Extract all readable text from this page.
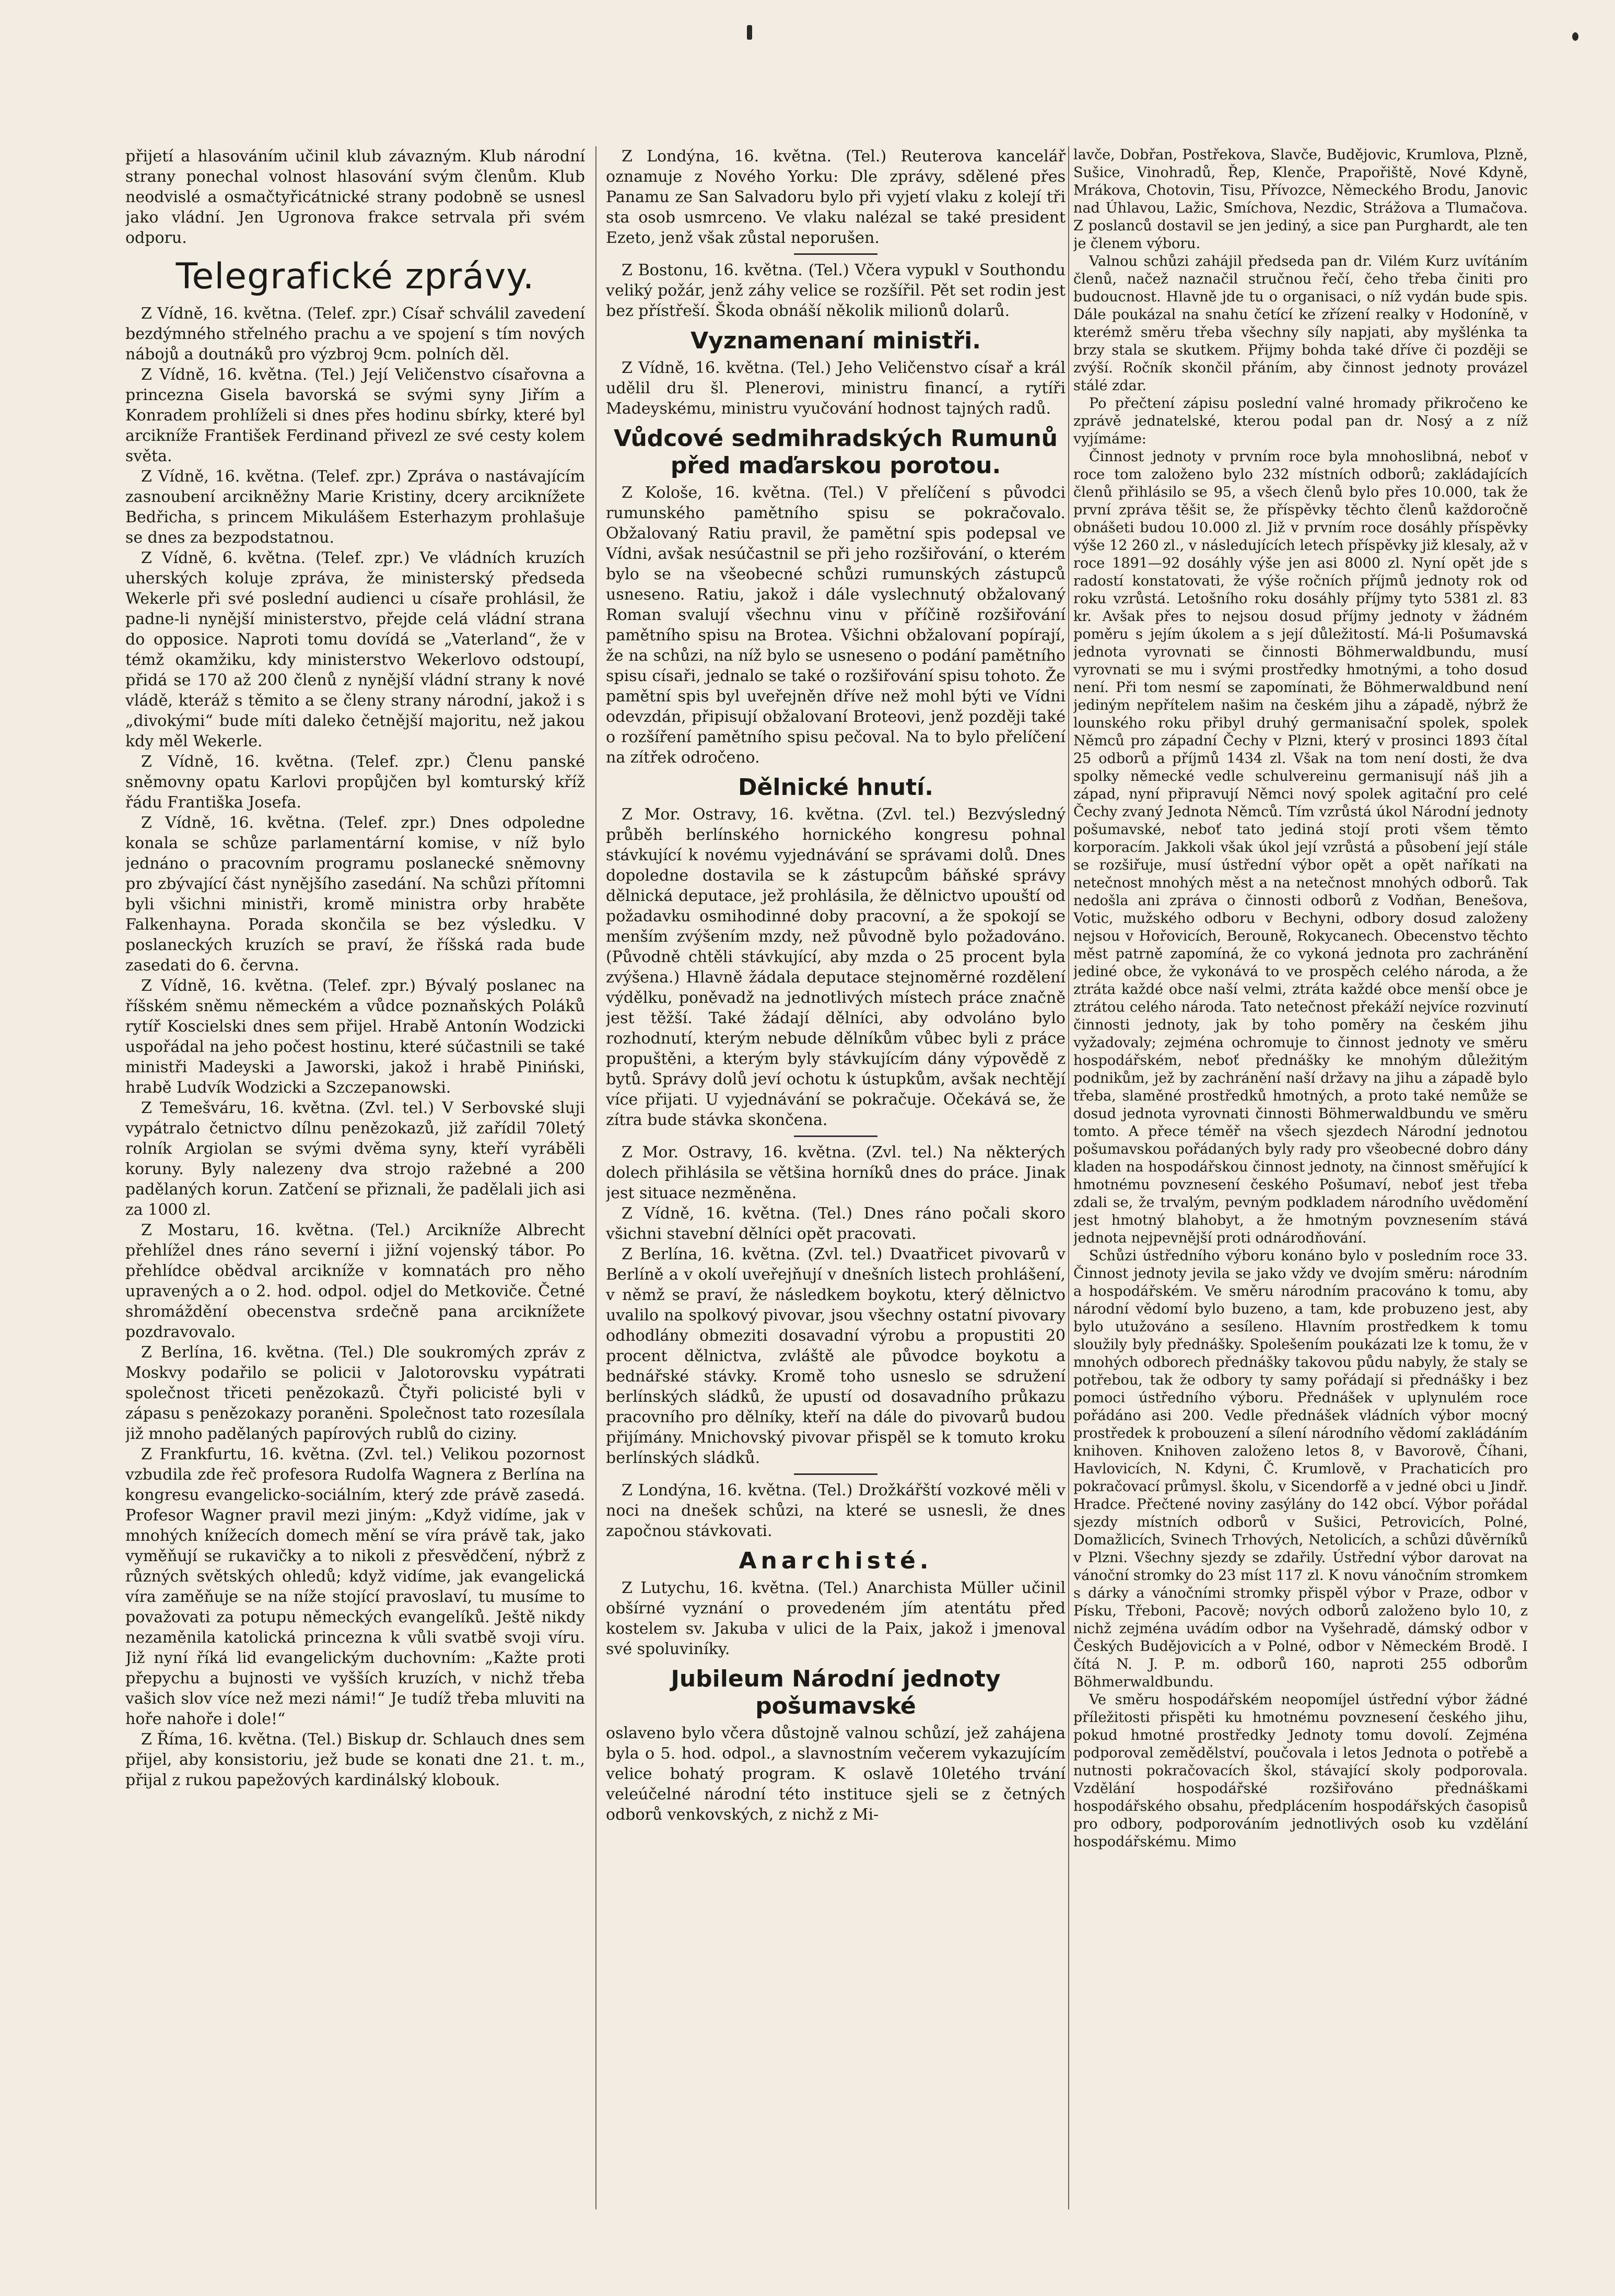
přijetí a hlasováním učinil klub závazným. Klub národní strany ponechal volnost hlasování svým členům. Klub neodvislé a osmačtyřicátnické strany podobně se usnesl jako vládní. Jen Ugronova frakce setrvala při svém odporu.

Telegrafické zprávy.

Z Vídně, 16. května. (Telef. zpr.) Císař schválil zavedení bezdýmného střelného prachu a ve spojení s tím nových nábojů a doutnáků pro výzbroj 9cm. polních děl.

Z Vídně, 16. května. (Tel.) Její Veličenstvo císařovna a princezna Gisela bavorská se svými syny Jiřím a Konradem prohlíželi si dnes přes hodinu sbírky, které byl arcikníže František Ferdinand přivezl ze své cesty kolem světa.

Z Vídně, 16. května. (Telef. zpr.) Zpráva o nastávajícím zasnoubení arcikněžny Marie Kristiny, dcery arciknížete Bedřicha, s princem Mikulášem Esterhazym prohlašuje se dnes za bezpodstatnou.

Z Vídně, 6. května. (Telef. zpr.) Ve vládních kruzích uherských koluje zpráva, že ministerský předseda Wekerle při své poslední audienci u císaře prohlásil, že padne-li nynější ministerstvo, přejde celá vládní strana do opposice. Naproti tomu dovídá se „Vaterland“, že v témž okamžiku, kdy ministerstvo Wekerlovo odstoupí, přidá se 170 až 200 členů z nynější vládní strany k nové vládě, kteráž s těmito a se členy strany národní, jakož i s „divokými“ bude míti daleko četnější majoritu, než jakou kdy měl Wekerle.

Z Vídně, 16. května. (Telef. zpr.) Členu panské sněmovny opatu Karlovi propůjčen byl komturský kříž řádu Františka Josefa.

Z Vídně, 16. května. (Telef. zpr.) Dnes odpoledne konala se schůze parlamentární komise, v níž bylo jednáno o pracovním programu poslanecké sněmovny pro zbývající část nynějšího zasedání. Na schůzi přítomni byli všichni ministři, kromě ministra orby hraběte Falkenhayna. Porada skončila se bez výsledku. V poslaneckých kruzích se praví, že říšská rada bude zasedati do 6. června.

Z Vídně, 16. května. (Telef. zpr.) Bývalý poslanec na říšském sněmu německém a vůdce poznaňských Poláků rytíř Koscielski dnes sem přijel. Hrabě Antonín Wodzicki uspořádal na jeho počest hostinu, které súčastnili se také ministři Madeyski a Jaworski, jakož i hrabě Piniński, hrabě Ludvík Wodzicki a Szczepanowski.

Z Temešváru, 16. května. (Zvl. tel.) V Serbovské sluji vypátralo četnictvo dílnu penězokazů, již zařídil 70letý rolník Argiolan se svými dvěma syny, kteří vyráběli koruny. Byly nalezeny dva strojo ražebné a 200 padělaných korun. Zatčení se přiznali, že padělali jich asi za 1000 zl.

Z Mostaru, 16. května. (Tel.) Arcikníže Albrecht přehlížel dnes ráno severní i jižní vojenský tábor. Po přehlídce obědval arcikníže v komnatách pro něho upravených a o 2. hod. odpol. odjel do Metkoviče. Četné shromáždění obecenstva srdečně pana arciknížete pozdravovalo.

Z Berlína, 16. května. (Tel.) Dle soukromých zpráv z Moskvy podařilo se policii v Jalotorovsku vypátrati společnost třiceti penězokazů. Čtyři policisté byli v zápasu s penězokazy poraněni. Společnost tato rozesílala již mnoho padělaných papírových rublů do ciziny.

Z Frankfurtu, 16. května. (Zvl. tel.) Velikou pozornost vzbudila zde řeč profesora Rudolfa Wagnera z Berlína na kongresu evangelicko-sociálním, který zde právě zasedá. Profesor Wagner pravil mezi jiným: „Když vidíme, jak v mnohých knížecích domech mění se víra právě tak, jako vyměňují se rukavičky a to nikoli z přesvědčení, nýbrž z různých světských ohledů; když vidíme, jak evangelická víra zaměňuje se na níže stojící pravoslaví, tu musíme to považovati za potupu německých evangelíků. Ještě nikdy nezaměnila katolická princezna k vůli svatbě svoji víru. Již nyní říká lid evangelickým duchovním: „Kažte proti přepychu a bujnosti ve vyšších kruzích, v nichž třeba vašich slov více než mezi námi!“ Je tudíž třeba mluviti na hoře nahoře i dole!“

Z Říma, 16. května. (Tel.) Biskup dr. Schlauch dnes sem přijel, aby konsistoriu, jež bude se konati dne 21. t. m., přijal z rukou papežových kardinálský klobouk.

Z Londýna, 16. května. (Tel.) Reuterova kancelář oznamuje z Nového Yorku: Dle zprávy, sdělené přes Panamu ze San Salvadoru bylo při vyjetí vlaku z kolejí tři sta osob usmrceno. Ve vlaku nalézal se také president Ezeto, jenž však zůstal neporušen.

Z Bostonu, 16. května. (Tel.) Včera vypukl v Southondu veliký požár, jenž záhy velice se rozšířil. Pět set rodin jest bez přístřeší. Škoda obnáší několik milionů dolarů.

Vyznamenaní ministři.

Z Vídně, 16. května. (Tel.) Jeho Veličenstvo císař a král udělil dru šl. Plenerovi, ministru financí, a rytíři Madeyskému, ministru vyučování hodnost tajných radů.

Vůdcové sedmihradských Rumunů před maďarskou porotou.

Z Kološe, 16. května. (Tel.) V přelíčení s původci rumunského pamětního spisu se pokračovalo. Obžalovaný Ratiu pravil, že pamětní spis podepsal ve Vídni, avšak nesúčastnil se při jeho rozšiřování, o kterém bylo se na všeobecné schůzi rumunských zástupců usneseno. Ratiu, jakož i dále vyslechnutý obžalovaný Roman svalují všechnu vinu v příčině rozšiřování pamětního spisu na Brotea. Všichni obžalovaní popírají, že na schůzi, na níž bylo se usneseno o podání pamětního spisu císaři, jednalo se také o rozšiřování spisu tohoto. Že pamětní spis byl uveřejněn dříve než mohl býti ve Vídni odevzdán, připisují obžalovaní Broteovi, jenž později také o rozšíření pamětního spisu pečoval. Na to bylo přelíčení na zítřek odročeno.

Dělnické hnutí.

Z Mor. Ostravy, 16. května. (Zvl. tel.) Bezvýsledný průběh berlínského hornického kongresu pohnal stávkující k novému vyjednávání se správami dolů. Dnes dopoledne dostavila se k zástupcům báňské správy dělnická deputace, jež prohlásila, že dělnictvo upouští od požadavku osmihodinné doby pracovní, a že spokojí se menším zvýšením mzdy, než původně bylo požadováno. (Původně chtěli stávkující, aby mzda o 25 procent byla zvýšena.) Hlavně žádala deputace stejnoměrné rozdělení výdělku, poněvadž na jednotlivých místech práce značně jest těžší. Také žádají dělníci, aby odvoláno bylo rozhodnutí, kterým nebude dělníkům vůbec byli z práce propuštěni, a kterým byly stávkujícím dány výpovědě z bytů. Správy dolů jeví ochotu k ústupkům, avšak nechtějí více přijati. U vyjednávání se pokračuje. Očekává se, že zítra bude stávka skončena.

Z Mor. Ostravy, 16. května. (Zvl. tel.) Na některých dolech přihlásila se většina horníků dnes do práce. Jinak jest situace nezměněna.

Z Vídně, 16. května. (Tel.) Dnes ráno počali skoro všichni stavební dělníci opět pracovati.

Z Berlína, 16. května. (Zvl. tel.) Dvaatřicet pivovarů v Berlíně a v okolí uveřejňují v dnešních listech prohlášení, v němž se praví, že následkem boykotu, který dělnictvo uvalilo na spolkový pivovar, jsou všechny ostatní pivovary odhodlány obmeziti dosavadní výrobu a propustiti 20 procent dělnictva, zvláště ale původce boykotu a bednářské stávky. Kromě toho usneslo se sdružení berlínských sládků, že upustí od dosavadního průkazu pracovního pro dělníky, kteří na dále do pivovarů budou přijímány. Mnichovský pivovar přispěl se k tomuto kroku berlínských sládků.

Z Londýna, 16. května. (Tel.) Drožkářští vozkové měli v noci na dnešek schůzi, na které se usnesli, že dnes započnou stávkovati.

Anarchisté.

Z Lutychu, 16. května. (Tel.) Anarchista Müller učinil obšírné vyznání o provedeném jím atentátu před kostelem sv. Jakuba v ulici de la Paix, jakož i jmenoval své spoluviníky.

Jubileum Národní jednoty pošumavské

oslaveno bylo včera důstojně valnou schůzí, jež zahájena byla o 5. hod. odpol., a slavnostním večerem vykazujícím velice bohatý program. K oslavě 10letého trvání veleúčelné národní této instituce sjeli se z četných odborů venkovských, z nichž z Mi-

lavče, Dobřan, Postřekova, Slavče, Budějovic, Krumlova, Plzně, Sušice, Vinohradů, Řep, Klenče, Prapořiště, Nové Kdyně, Mrákova, Chotovin, Tisu, Přívozce, Německého Brodu, Janovic nad Úhlavou, Lažic, Smíchova, Nezdic, Strážova a Tlumačova. Z poslanců dostavil se jen jediný, a sice pan Purghardt, ale ten je členem výboru.

Valnou schůzi zahájil předseda pan dr. Vilém Kurz uvítáním členů, načež naznačil stručnou řečí, čeho třeba činiti pro budoucnost. Hlavně jde tu o organisaci, o níž vydán bude spis. Dále poukázal na snahu četící ke zřízení realky v Hodoníně, v kterémž směru třeba všechny síly napjati, aby myšlénka ta brzy stala se skutkem. Přijmy bohda také dříve či později se zvýší. Ročník skončil přáním, aby činnost jednoty provázel stálé zdar.

Po přečtení zápisu poslední valné hromady přikročeno ke zprávě jednatelské, kterou podal pan dr. Nosý a z níž vyjímáme:

Činnost jednoty v prvním roce byla mnohoslibná, neboť v roce tom založeno bylo 232 místních odborů; zakládajících členů přihlásilo se 95, a všech členů bylo přes 10.000, tak že první zpráva těšit se, že příspěvky těchto členů každoročně obnášeti budou 10.000 zl. Již v prvním roce dosáhly příspěvky výše 12 260 zl., v následujících letech příspěvky již klesaly, až v roce 1891—92 dosáhly výše jen asi 8000 zl. Nyní opět jde s radostí konstatovati, že výše ročních příjmů jednoty rok od roku vzrůstá. Letošního roku dosáhly příjmy tyto 5381 zl. 83 kr. Avšak přes to nejsou dosud příjmy jednoty v žádném poměru s jejím úkolem a s její důležitostí. Má-li Pošumavská jednota vyrovnati se činnosti Böhmerwaldbundu, musí vyrovnati se mu i svými prostředky hmotnými, a toho dosud není. Při tom nesmí se zapomínati, že Böhmerwaldbund není jediným nepřítelem našim na českém jihu a západě, nýbrž že lounského roku přibyl druhý germanisační spolek, spolek Němců pro západní Čechy v Plzni, který v prosinci 1893 čítal 25 odborů a příjmů 1434 zl. Však na tom není dosti, že dva spolky německé vedle schulvereinu germanisují náš jih a západ, nyní připravují Němci nový spolek agitační pro celé Čechy zvaný Jednota Němců. Tím vzrůstá úkol Národní jednoty pošumavské, neboť tato jediná stojí proti všem těmto korporacím. Jakkoli však úkol její vzrůstá a působení její stále se rozšiřuje, musí ústřední výbor opět a opět naříkati na netečnost mnohých měst a na netečnost mnohých odborů. Tak nedošla ani zpráva o činnosti odborů z Vodňan, Benešova, Votic, mužského odboru v Bechyni, odbory dosud založeny nejsou v Hořovicích, Berouně, Rokycanech. Obecenstvo těchto měst patrně zapomíná, že co vykoná jednota pro zachránění jediné obce, že vykonává to ve prospěch celého národa, a že ztráta každé obce naší velmi, ztráta každé obce menší obce je ztrátou celého národa. Tato netečnost překáží nejvíce rozvinutí činnosti jednoty, jak by toho poměry na českém jihu vyžadovaly; zejména ochromuje to činnost jednoty ve směru hospodářském, neboť přednášky ke mnohým důležitým podnikům, jež by zachránění naší državy na jihu a západě bylo třeba, slaměné prostředků hmotných, a proto také nemůže se dosud jednota vyrovnati činnosti Böhmerwaldbundu ve směru tomto. A přece téměř na všech sjezdech Národní jednotou pošumavskou pořádaných byly rady pro všeobecné dobro dány kladen na hospodářskou činnost jednoty, na činnost směřující k hmotnému povznesení českého Pošumaví, neboť jest třeba zdali se, že trvalým, pevným podkladem národního uvědomění jest hmotný blahobyt, a že hmotným povznesením stává jednota nejpevnější proti odnárodňování.

Schůzi ústředního výboru konáno bylo v posledním roce 33. Činnost jednoty jevila se jako vždy ve dvojím směru: národním a hospodářském. Ve směru národním pracováno k tomu, aby národní vědomí bylo buzeno, a tam, kde probuzeno jest, aby bylo utužováno a sesíleno. Hlavním prostředkem k tomu sloužily byly přednášky. Spolešením poukázati lze k tomu, že v mnohých odborech přednášky takovou půdu nabyly, že staly se potřebou, tak že odbory ty samy pořádají si přednášky i bez pomoci ústředního výboru. Přednášek v uplynulém roce pořádáno asi 200. Vedle přednášek vládních výbor mocný prostředek k probouzení a sílení národního vědomí zakládáním knihoven. Knihoven založeno letos 8, v Bavorově, Číhani, Havlovicích, N. Kdyni, Č. Krumlově, v Prachaticích pro pokračovací průmysl. školu, v Sicendorfě a v jedné obci u Jindř. Hradce. Přečtené noviny zasýlány do 142 obcí. Výbor pořádal sjezdy místních odborů v Sušici, Petrovicích, Polné, Domažlicích, Svinech Trhových, Netolicích, a schůzi důvěrníků v Plzni. Všechny sjezdy se zdařily. Ústřední výbor darovat na vánoční stromky do 23 míst 117 zl. K novu vánočním stromkem s dárky a vánočními stromky přispěl výbor v Praze, odbor v Písku, Třeboni, Pacově; nových odborů založeno bylo 10, z nichž zejména uvádím odbor na Vyšehradě, dámský odbor v Českých Budějovicích a v Polné, odbor v Německém Brodě. I čítá N. J. P. m. odborů 160, naproti 255 odborům Böhmerwaldbundu.

Ve směru hospodářském neopomíjel ústřední výbor žádné příležitosti přispěti ku hmotnému povznesení českého jihu, pokud hmotné prostředky Jednoty tomu dovolí. Zejména podporoval zemědělství, poučovala i letos Jednota o potřebě a nutnosti pokračovacích škol, stávající skoly podporovala. Vzdělání hospodářské rozšiřováno přednáškami hospodářského obsahu, předplácením hospodářských časopisů pro odbory, podporováním jednotlivých osob ku vzdělání hospodářskému. Mimo
